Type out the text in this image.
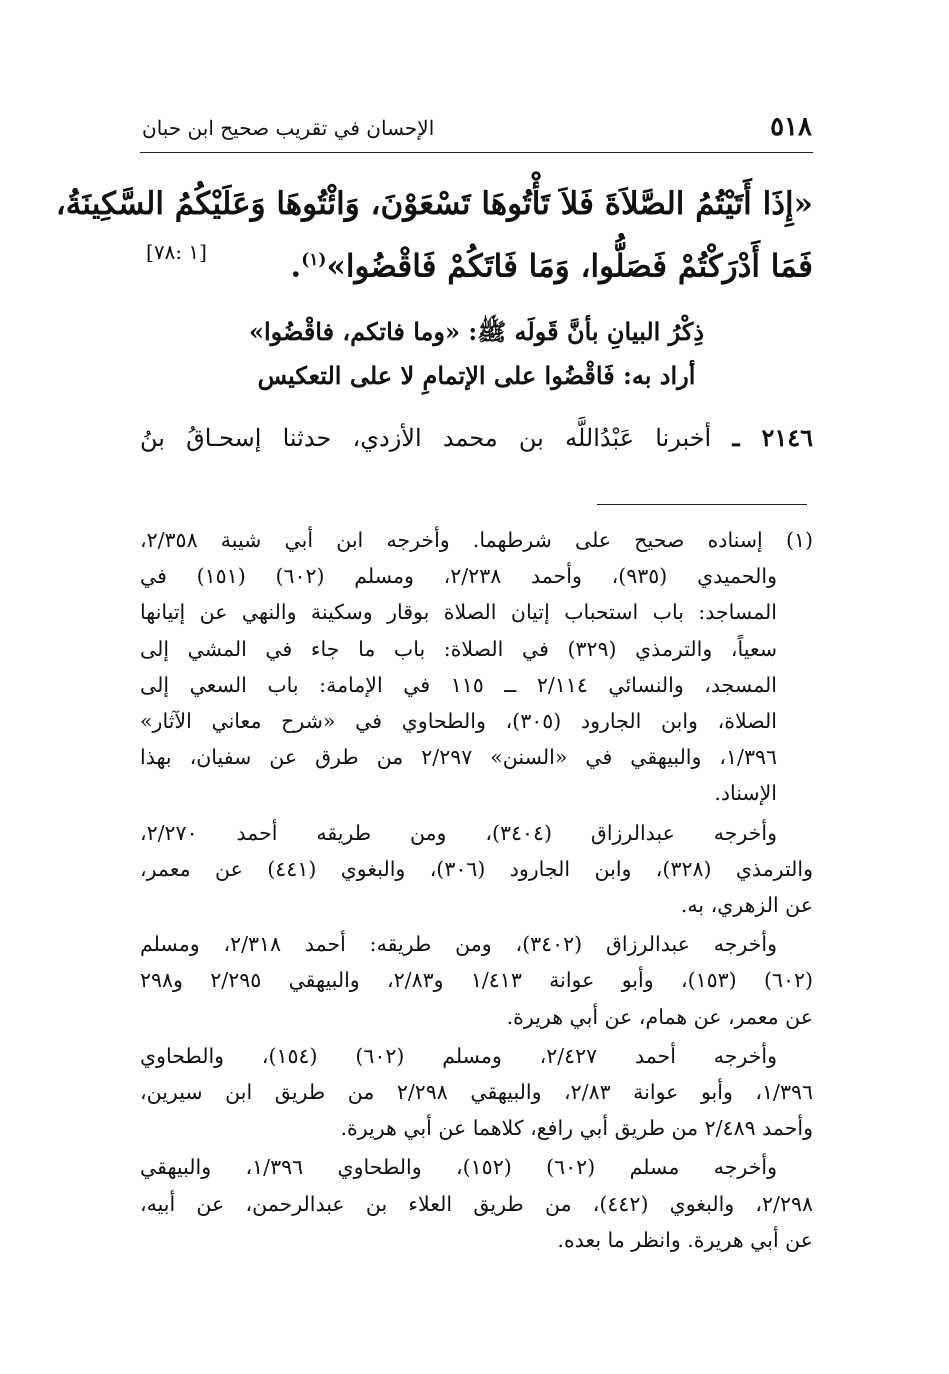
٥١٨
الإحسان في تقريب صحيح ابن حبان
«إِذَا أَتَيْتُمُ الصَّلاَةَ فَلاَ تَأْتُوهَا تَسْعَوْنَ، وَائْتُوهَا وَعَلَيْكُمُ السَّكِينَةُ،
فَمَا أَدْرَكْتُمْ فَصَلُّوا، وَمَا فَاتَكُمْ فَاقْضُوا»$^{(١)}$.
[١ :٧٨]
ذِكْرُ البيانِ بأنَّ قَولَه ﷺ: «وما فاتكم، فاقْضُوا»
أراد به: فَاقْضُوا على الإتمامِ لا على التعكيس
٢١٤٦ ـ أخبرنا عَبْدُاللَّه بن محمد الأزدي، حدثنا إسحـاقُ بنُ
(١) إسناده صحيح على شرطهما. وأخرجه ابن أبي شيبة ٢/٣٥٨،
والحميدي (٩٣٥)، وأحمد ٢/٢٣٨، ومسلم (٦٠٢) (١٥١) في
المساجد: باب استحباب إتيان الصلاة بوقار وسكينة والنهي عن إتيانها
سعياً، والترمذي (٣٢٩) في الصلاة: باب ما جاء في المشي إلى
المسجد، والنسائي ٢/١١٤ ــ ١١٥ في الإمامة: باب السعي إلى
الصلاة، وابن الجارود (٣٠٥)، والطحاوي في «شرح معاني الآثار»
١/٣٩٦، والبيهقي في «السنن» ٢/٢٩٧ من طرق عن سفيان، بهذا
الإسناد.
وأخرجه عبدالرزاق (٣٤٠٤)، ومن طريقه أحمد ٢/٢٧٠،
والترمذي (٣٢٨)، وابن الجارود (٣٠٦)، والبغوي (٤٤١) عن معمر،
عن الزهري، به.
وأخرجه عبدالرزاق (٣٤٠٢)، ومن طريقه: أحمد ٢/٣١٨، ومسلم
(٦٠٢) (١٥٣)، وأبو عوانة ١/٤١٣ و٢/٨٣، والبيهقي ٢/٢٩٥ و٢٩٨
عن معمر، عن همام، عن أبي هريرة.
وأخرجه أحمد ٢/٤٢٧، ومسلم (٦٠٢) (١٥٤)، والطحاوي
١/٣٩٦، وأبو عوانة ٢/٨٣، والبيهقي ٢/٢٩٨ من طريق ابن سيرين،
وأحمد ٢/٤٨٩ من طريق أبي رافع، كلاهما عن أبي هريرة.
وأخرجه مسلم (٦٠٢) (١٥٢)، والطحاوي ١/٣٩٦، والبيهقي
٢/٢٩٨، والبغوي (٤٤٢)، من طريق العلاء بن عبدالرحمن، عن أبيه،
عن أبي هريرة. وانظر ما بعده.
